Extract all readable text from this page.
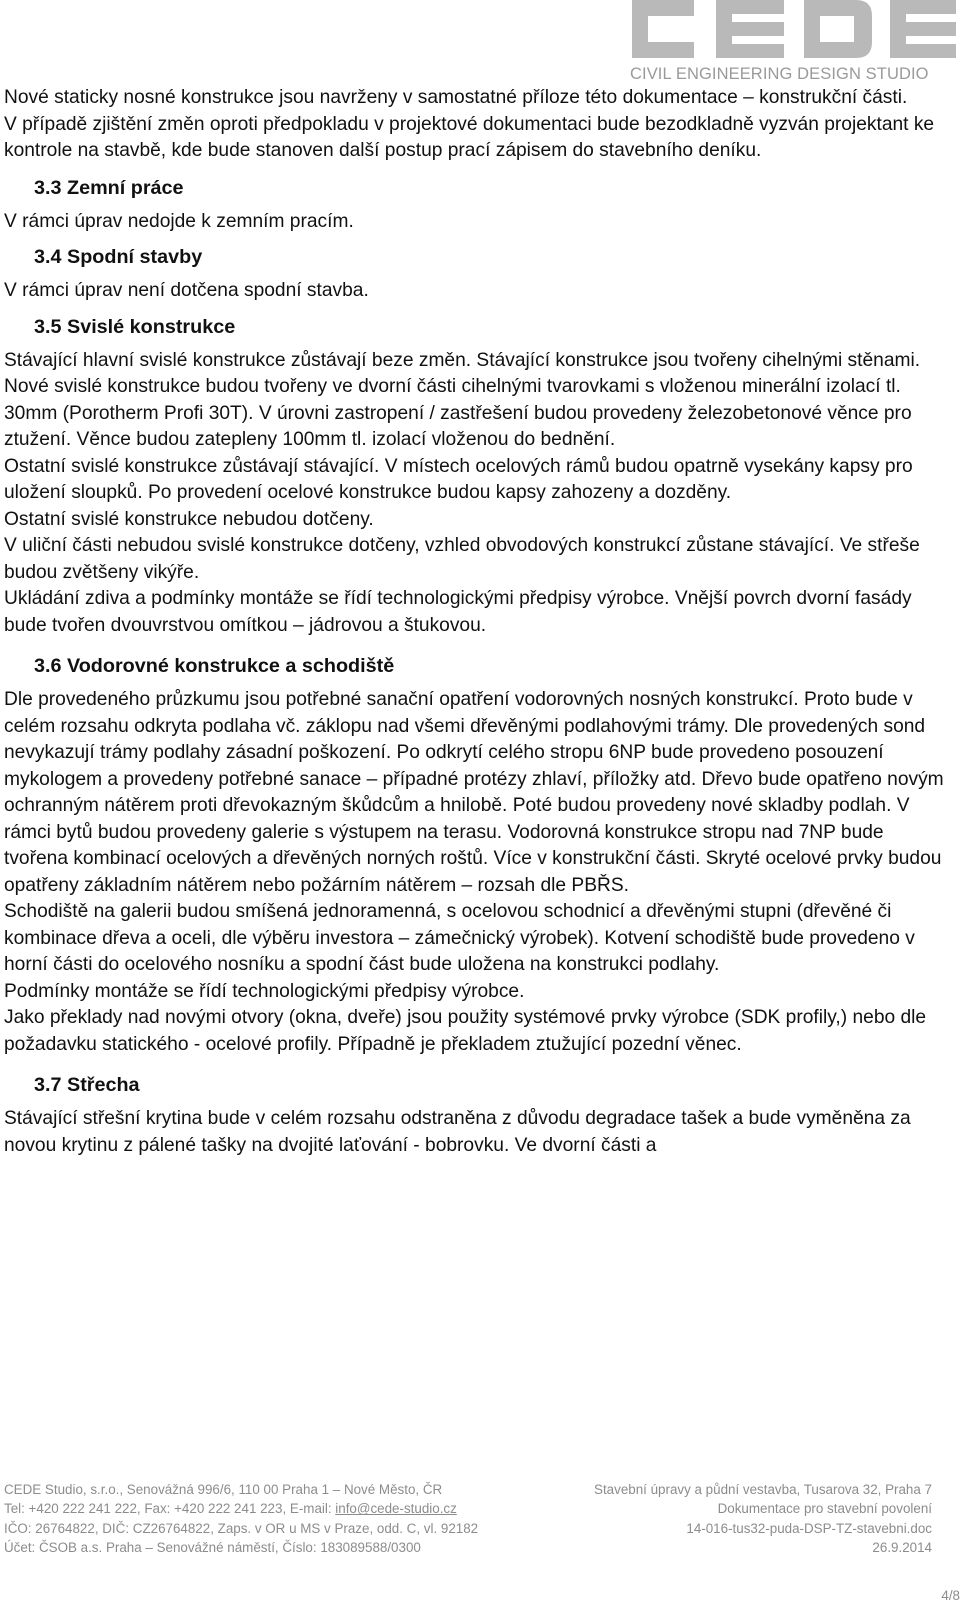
CIVIL ENGINEERING DESIGN STUDIO

Nové staticky nosné konstrukce jsou navrženy v samostatné příloze této dokumentace – konstrukční části.

V případě zjištění změn oproti předpokladu v projektové dokumentaci bude bezodkladně vyzván projektant ke kontrole na stavbě, kde bude stanoven další postup prací zápisem do stavebního deníku.

3.3 Zemní práce

V rámci úprav nedojde k zemním pracím.

3.4 Spodní stavby

V rámci úprav není dotčena spodní stavba.

3.5 Svislé konstrukce

Stávající hlavní svislé konstrukce zůstávají beze změn. Stávající konstrukce jsou tvořeny cihelnými stěnami.

Nové svislé konstrukce budou tvořeny ve dvorní části cihelnými tvarovkami s vloženou minerální izolací tl. 30mm (Porotherm Profi 30T). V úrovni zastropení / zastřešení budou provedeny železobetonové věnce pro ztužení. Věnce budou zatepleny 100mm tl. izolací vloženou do bednění.

Ostatní svislé konstrukce zůstávají stávající. V místech ocelových rámů budou opatrně vysekány kapsy pro uložení sloupků. Po provedení ocelové konstrukce budou kapsy zahozeny a dozděny.

Ostatní svislé konstrukce nebudou dotčeny.

V uliční části nebudou svislé konstrukce dotčeny, vzhled obvodových konstrukcí zůstane stávající. Ve střeše budou zvětšeny vikýře.

Ukládání zdiva a podmínky montáže se řídí technologickými předpisy výrobce. Vnější povrch dvorní fasády bude tvořen dvouvrstvou omítkou – jádrovou a štukovou.

3.6 Vodorovné konstrukce a schodiště

Dle provedeného průzkumu jsou potřebné sanační opatření vodorovných nosných konstrukcí. Proto bude v celém rozsahu odkryta podlaha vč. záklopu nad všemi dřevěnými podlahovými trámy. Dle provedených sond nevykazují trámy podlahy zásadní poškození. Po odkrytí celého stropu 6NP bude provedeno posouzení mykologem a provedeny potřebné sanace – případné protézy zhlaví, příložky atd. Dřevo bude opatřeno novým ochranným nátěrem proti dřevokazným škůdcům a hnilobě. Poté budou provedeny nové skladby podlah. V rámci bytů budou provedeny galerie s výstupem na terasu. Vodorovná konstrukce stropu nad 7NP bude tvořena kombinací ocelových a dřevěných norných roštů. Více v konstrukční části. Skryté ocelové prvky budou opatřeny základním nátěrem nebo požárním nátěrem – rozsah dle PBŘS.

Schodiště na galerii budou smíšená jednoramenná, s ocelovou schodnicí a dřevěnými stupni (dřevěné či kombinace dřeva a oceli, dle výběru investora – zámečnický výrobek). Kotvení schodiště bude provedeno v horní části do ocelového nosníku a spodní část bude uložena na konstrukci podlahy.

Podmínky montáže se řídí technologickými předpisy výrobce.

Jako překlady nad novými otvory (okna, dveře) jsou použity systémové prvky výrobce (SDK profily,) nebo dle požadavku statického - ocelové profily. Případně je překladem ztužující pozední věnec.

3.7 Střecha

Stávající střešní krytina bude v celém rozsahu odstraněna z důvodu degradace tašek a bude vyměněna za novou krytinu z pálené tašky na dvojité laťování - bobrovku. Ve dvorní části a

CEDE Studio, s.r.o., Senovážná 996/6, 110 00 Praha 1 – Nové Město, ČR	Stavební úpravy a půdní vestavba, Tusarova 32, Praha 7
Tel: +420 222 241 222, Fax: +420 222 241 223, E-mail: info@cede-studio.cz	Dokumentace pro stavební povolení
IČO: 26764822, DIČ: CZ26764822, Zaps. v OR u MS v Praze, odd. C, vl. 92182	14-016-tus32-puda-DSP-TZ-stavebni.doc
Účet: ČSOB a.s. Praha – Senovážné náměstí, Číslo: 183089588/0300	26.9.2014
4/8
